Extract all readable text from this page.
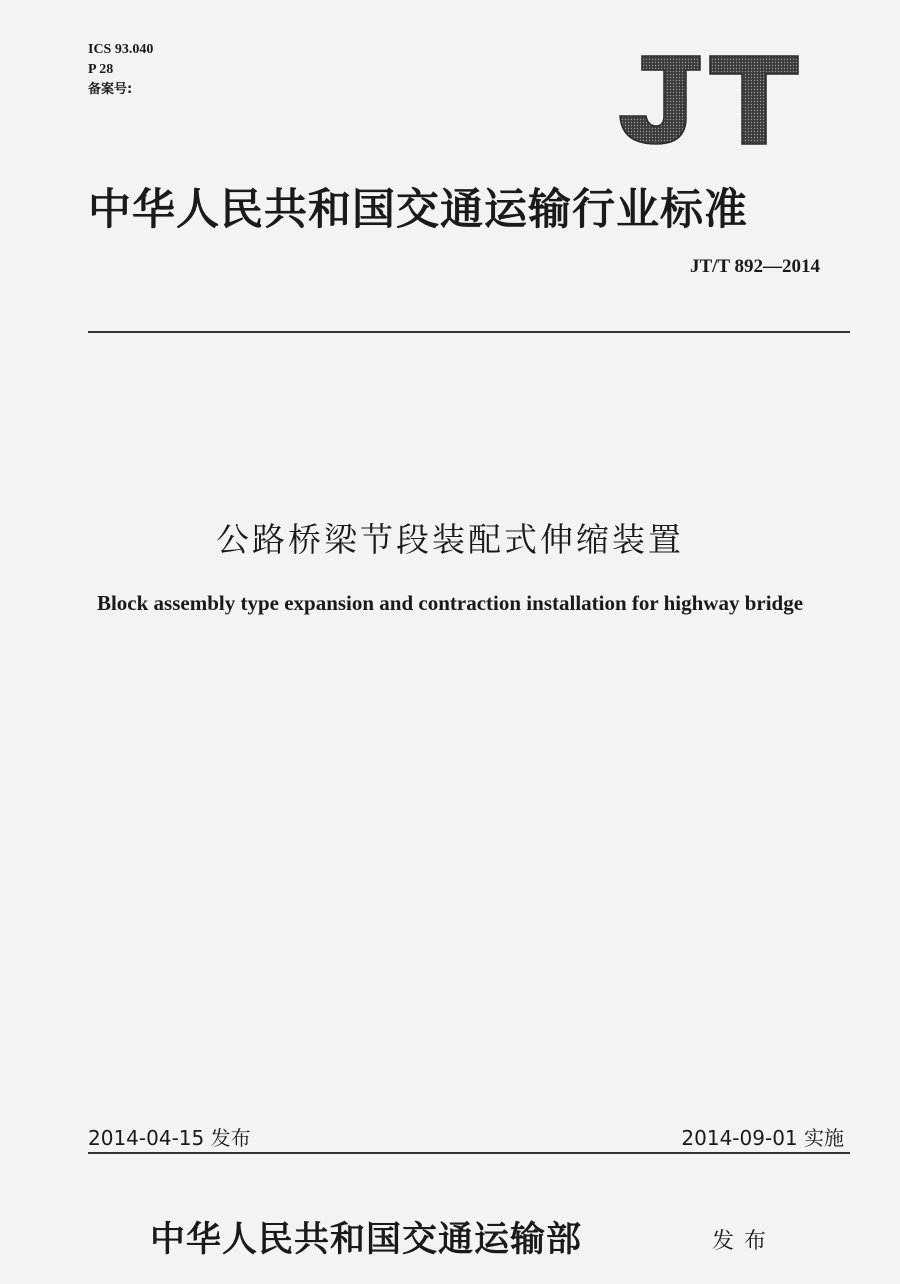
ICS 93.040
P 28
备案号:
中华人民共和国交通运输行业标准
JT/T 892—2014
公路桥梁节段装配式伸缩装置
Block assembly type expansion and contraction installation for highway bridge
2014-04-15 发布	2014-09-01 实施
中华人民共和国交通运输部	发布
